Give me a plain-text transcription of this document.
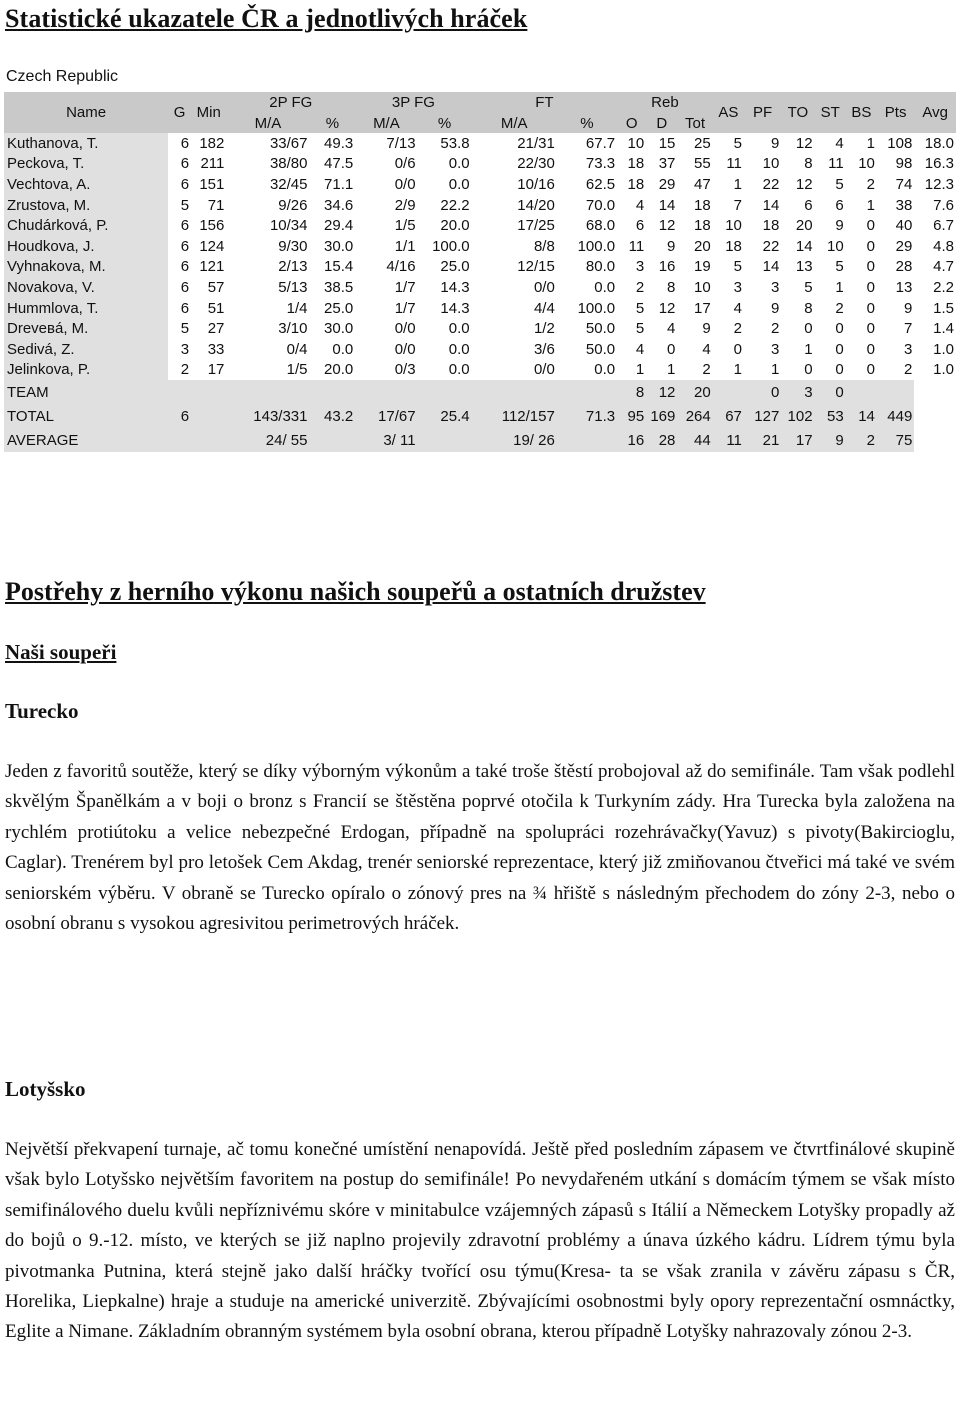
Statistické ukazatele ČR a jednotlivých hráček
Czech Republic
Name	G	Min	2P FG		3P FG		FT		Reb			AS	PF	TO	ST	BS	Pts	Avg
			M/A	%	M/A	%	M/A	%	O	D	Tot							
Kuthanova, T.	6	182	33/67	49.3	7/13	53.8	21/31	67.7	10	15	25	5	9	12	4	1	108	18.0
Peckova, T.	6	211	38/80	47.5	0/6	0.0	22/30	73.3	18	37	55	11	10	8	11	10	98	16.3
Vechtova, A.	6	151	32/45	71.1	0/0	0.0	10/16	62.5	18	29	47	1	22	12	5	2	74	12.3
Zrustova, M.	5	71	9/26	34.6	2/9	22.2	14/20	70.0	4	14	18	7	14	6	6	1	38	7.6
Chudárková, P.	6	156	10/34	29.4	1/5	20.0	17/25	68.0	6	12	18	10	18	20	9	0	40	6.7
Houdkova, J.	6	124	9/30	30.0	1/1	100.0	8/8	100.0	11	9	20	18	22	14	10	0	29	4.8
Vyhnakova, M.	6	121	2/13	15.4	4/16	25.0	12/15	80.0	3	16	19	5	14	13	5	0	28	4.7
Novakova, V.	6	57	5/13	38.5	1/7	14.3	0/0	0.0	2	8	10	3	3	5	1	0	13	2.2
Hummlova, T.	6	51	1/4	25.0	1/7	14.3	4/4	100.0	5	12	17	4	9	8	2	0	9	1.5
Dreveвá, M.	5	27	3/10	30.0	0/0	0.0	1/2	50.0	5	4	9	2	2	0	0	0	7	1.4
Sedivá, Z.	3	33	0/4	0.0	0/0	0.0	3/6	50.0	4	0	4	0	3	1	0	0	3	1.0
Jelinkova, P.	2	17	1/5	20.0	0/3	0.0	0/0	0.0	1	1	2	1	1	0	0	0	2	1.0
TEAM									8	12	20		0	3	0			
TOTAL	6		143/331	43.2	17/67	25.4	112/157	71.3	95	169	264	67	127	102	53	14	449	
AVERAGE			24/ 55		3/ 11		19/ 26		16	28	44	11	21	17	9	2	75	
Postřehy z herního výkonu našich soupeřů a ostatních družstev
Naši soupeři
Turecko

Jeden z favoritů soutěže, který se díky výborným výkonům a také troše štěstí probojoval až do semifinále. Tam však podlehl skvělým Španělkám a v boji o bronz s Francií se štěstěna poprvé otočila k Turkyním zády. Hra Turecka byla založena na rychlém protiútoku a velice nebezpečné Erdogan, případně na spolupráci rozehrávačky(Yavuz) s pivoty(Bakircioglu, Caglar). Trenérem byl pro letošek Cem Akdag, trenér seniorské reprezentace, který již zmiňovanou čtveřici má také ve svém seniorském výběru. V obraně se Turecko opíralo o zónový pres na ¾ hřiště s následným přechodem do zóny 2-3, nebo o osobní obranu s vysokou agresivitou perimetrových hráček.

Lotyšsko

Největší překvapení turnaje, ač tomu konečné umístění nenapovídá. Ještě před posledním zápasem ve čtvrtfinálové skupině však bylo Lotyšsko největším favoritem na postup do semifinále! Po nevydařeném utkání s domácím týmem se však místo semifinálového duelu kvůli nepříznivému skóre v minitabulce vzájemných zápasů s Itálií a Německem Lotyšky propadly až do bojů o 9.-12. místo, ve kterých se již naplno projevily zdravotní problémy a únava úzkého kádru. Lídrem týmu byla pivotmanka Putnina, která stejně jako další hráčky tvořící osu týmu(Kresa- ta se však zranila v závěru zápasu s ČR, Horelika, Liepkalne) hraje a studuje na americké univerzitě. Zbývajícími osobnostmi byly opory reprezentační osmnáctky, Eglite a Nimane. Základním obranným systémem byla osobní obrana, kterou případně Lotyšky nahrazovaly zónou 2-3.
